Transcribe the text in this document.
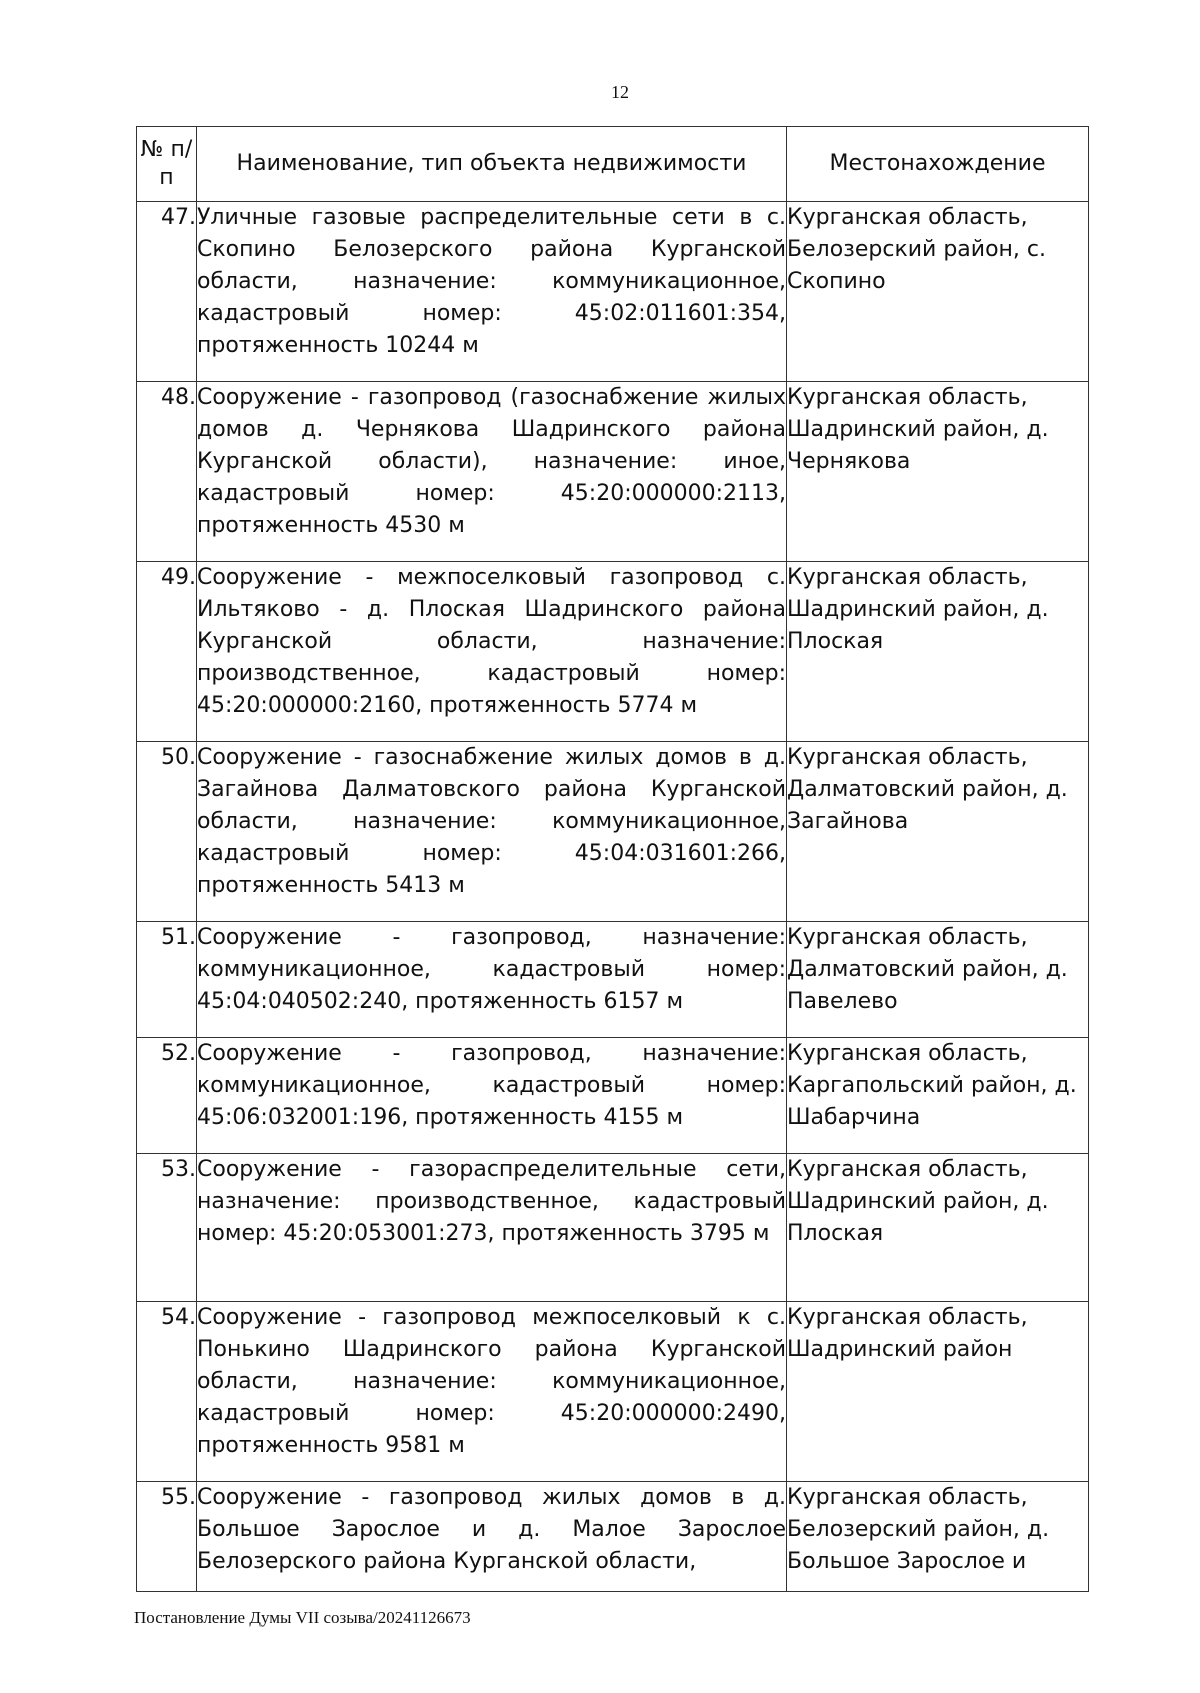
12
№ п/п	Наименование, тип объекта недвижимости	Местонахождение
47.	Уличные газовые распределительные сети в с. Скопино Белозерского района Курганской области, назначение: коммуникационное, кадастровый номер: 45:02:011601:354, протяженность 10244 м	Курганская область, Белозерский район, с. Скопино
48.	Сооружение - газопровод (газоснабжение жилых домов д. Чернякова Шадринского района Курганской области), назначение: иное, кадастровый номер: 45:20:000000:2113, протяженность 4530 м	Курганская область, Шадринский район, д. Чернякова
49.	Сооружение - межпоселковый газопровод с. Ильтяково - д. Плоская Шадринского района Курганской области, назначение: производственное, кадастровый номер: 45:20:000000:2160, протяженность 5774 м	Курганская область, Шадринский район, д. Плоская
50.	Сооружение - газоснабжение жилых домов в д. Загайнова Далматовского района Курганской области, назначение: коммуникационное, кадастровый номер: 45:04:031601:266, протяженность 5413 м	Курганская область, Далматовский район, д. Загайнова
51.	Сооружение - газопровод, назначение: коммуникационное, кадастровый номер: 45:04:040502:240, протяженность 6157 м	Курганская область, Далматовский район, д. Павелево
52.	Сооружение - газопровод, назначение: коммуникационное, кадастровый номер: 45:06:032001:196, протяженность 4155 м	Курганская область, Каргапольский район, д. Шабарчина
53.	Сооружение - газораспределительные сети, назначение: производственное, кадастровый номер: 45:20:053001:273, протяженность 3795 м	Курганская область, Шадринский район, д. Плоская
54.	Сооружение - газопровод межпоселковый к с. Понькино Шадринского района Курганской области, назначение: коммуникационное, кадастровый номер: 45:20:000000:2490, протяженность 9581 м	Курганская область, Шадринский район
55.	Сооружение - газопровод жилых домов в д. Большое Зарослое и д. Малое Зарослое Белозерского района Курганской области,	Курганская область, Белозерский район, д. Большое Зарослое и
Постановление Думы VII созыва/20241126673
